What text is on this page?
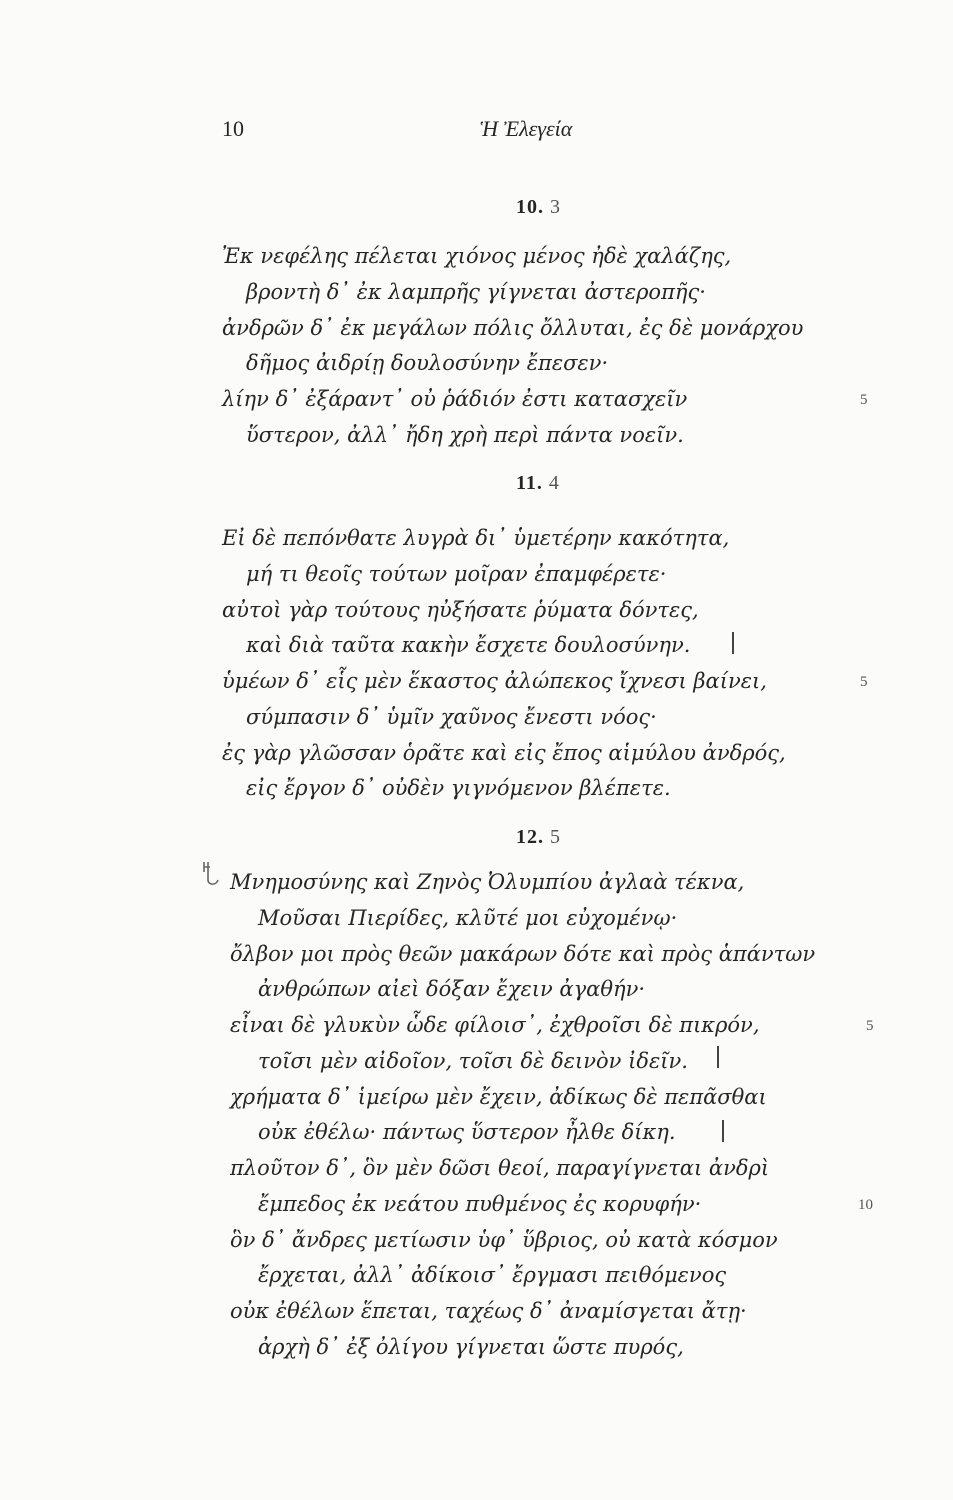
10	Ἡ Ἐλεγεία
10. 3
Ἐκ νεφέλης πέλεται χιόνος μένος ἠδὲ χαλάζης,
βροντὴ δ᾿ ἐκ λαμπρῆς γίγνεται ἀστεροπῆς·
ἀνδρῶν δ᾿ ἐκ μεγάλων πόλις ὄλλυται, ἐς δὲ μονάρχου
δῆμος ἀιδρίῃ δουλοσύνην ἔπεσεν·
λίην δ᾿ ἐξάραντ᾿ οὐ ῥάδιόν ἐστι κατασχεῖν	5
ὕστερον, ἀλλ᾿ ἤδη χρὴ περὶ πάντα νοεῖν.
11. 4
Εἰ δὲ πεπόνθατε λυγρὰ δι᾿ ὑμετέρην κακότητα,
μή τι θεοῖς τούτων μοῖραν ἐπαμφέρετε·
αὐτοὶ γὰρ τούτους ηὐξήσατε ῥύματα δόντες,
καὶ διὰ ταῦτα κακὴν ἔσχετε δουλοσύνην.
ὑμέων δ᾿ εἷς μὲν ἕκαστος ἀλώπεκος ἴχνεσι βαίνει,	5
σύμπασιν δ᾿ ὑμῖν χαῦνος ἔνεστι νόος·
ἐς γὰρ γλῶσσαν ὁρᾶτε καὶ εἰς ἔπος αἱμύλου ἀνδρός,
εἰς ἔργον δ᾿ οὐδὲν γιγνόμενον βλέπετε.
12. 5
Μνημοσύνης καὶ Ζηνὸς Ὀλυμπίου ἀγλαὰ τέκνα,
Μοῦσαι Πιερίδες, κλῦτέ μοι εὐχομένῳ·
ὄλβον μοι πρὸς θεῶν μακάρων δότε καὶ πρὸς ἁπάντων
ἀνθρώπων αἰεὶ δόξαν ἔχειν ἀγαθήν·
εἶναι δὲ γλυκὺν ὧδε φίλοισ᾿, ἐχθροῖσι δὲ πικρόν,	5
τοῖσι μὲν αἰδοῖον, τοῖσι δὲ δεινὸν ἰδεῖν.
χρήματα δ᾿ ἱμείρω μὲν ἔχειν, ἀδίκως δὲ πεπᾶσθαι
οὐκ ἐθέλω· πάντως ὕστερον ἦλθε δίκη.
πλοῦτον δ᾿, ὃν μὲν δῶσι θεοί, παραγίγνεται ἀνδρὶ
ἔμπεδος ἐκ νεάτου πυθμένος ἐς κορυφήν·	10
ὃν δ᾿ ἄνδρες μετίωσιν ὑφ᾿ ὕβριος, οὐ κατὰ κόσμον
ἔρχεται, ἀλλ᾿ ἀδίκοισ᾿ ἔργμασι πειθόμενος
οὐκ ἐθέλων ἕπεται, ταχέως δ᾿ ἀναμίσγεται ἄτῃ·
ἀρχὴ δ᾿ ἐξ ὀλίγου γίγνεται ὥστε πυρός,
